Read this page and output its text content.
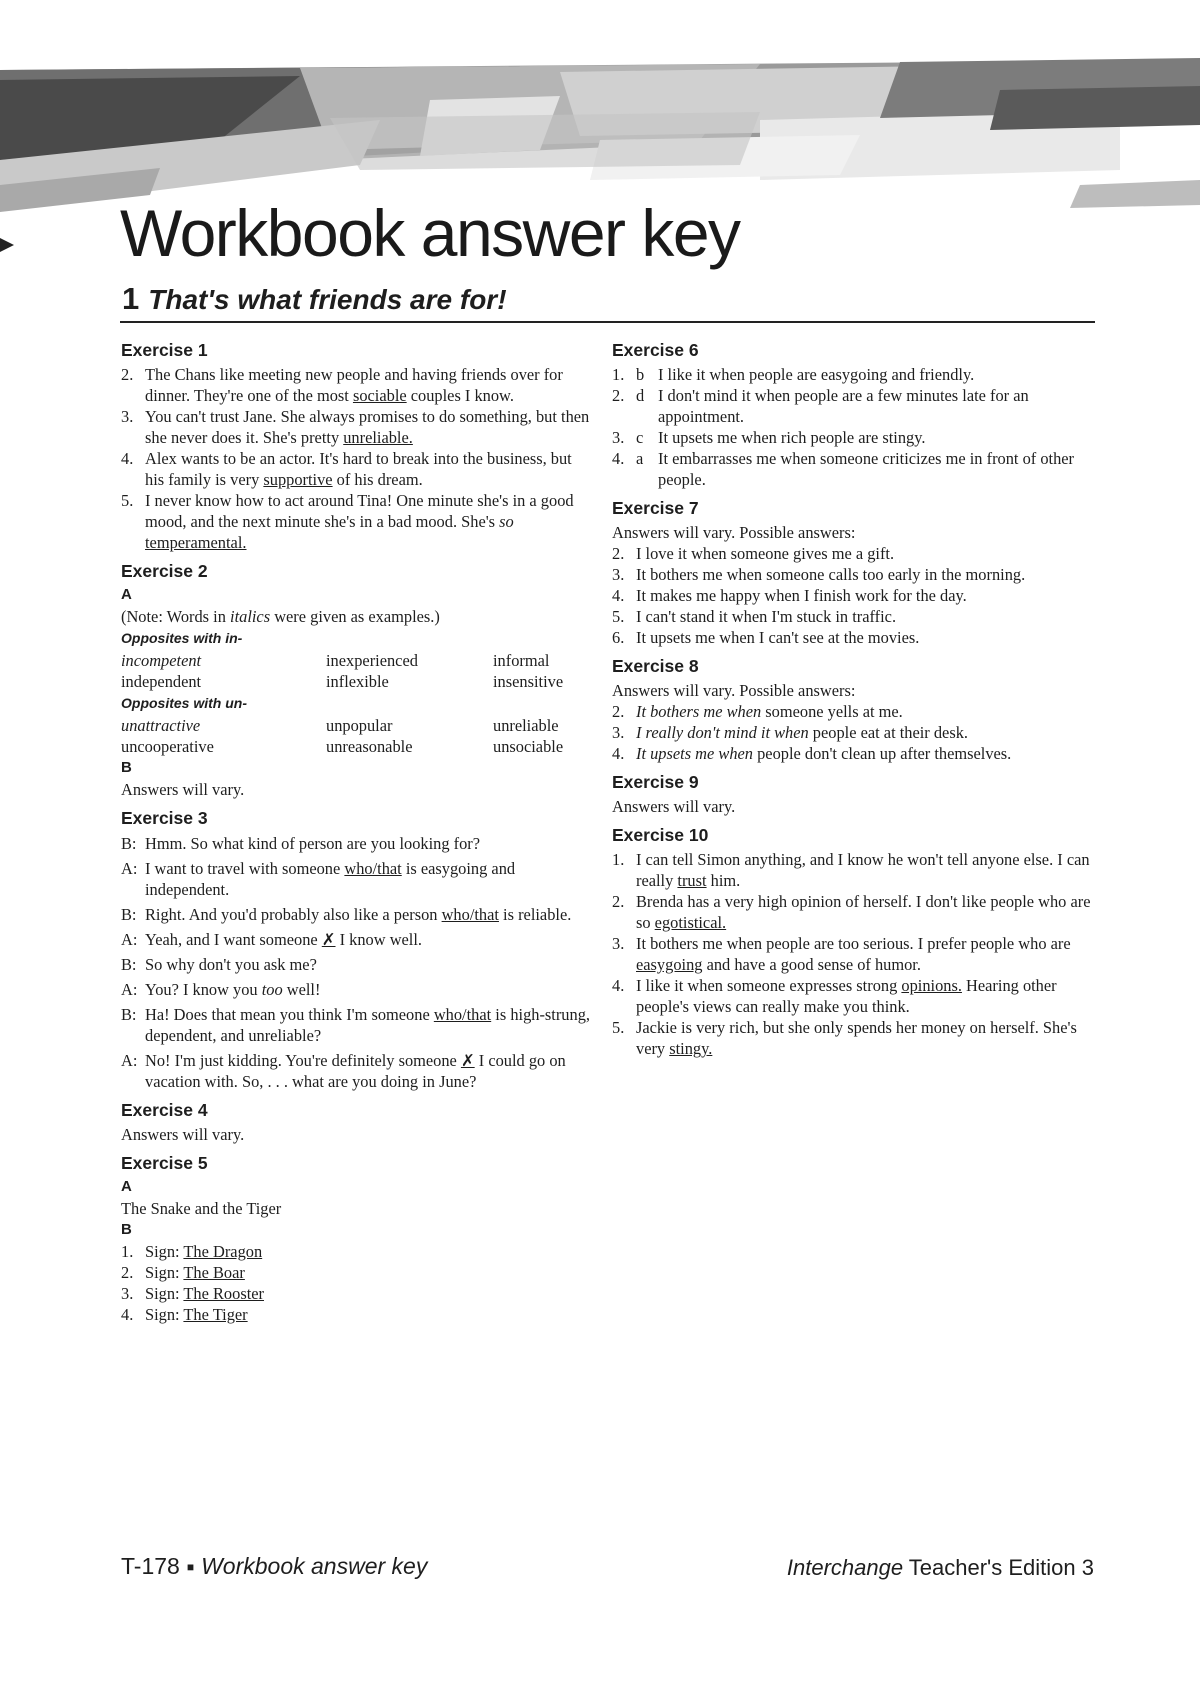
Workbook answer key
1 That's what friends are for!
Exercise 1
2. The Chans like meeting new people and having friends over for dinner. They're one of the most sociable couples I know.
3. You can't trust Jane. She always promises to do something, but then she never does it. She's pretty unreliable.
4. Alex wants to be an actor. It's hard to break into the business, but his family is very supportive of his dream.
5. I never know how to act around Tina! One minute she's in a good mood, and the next minute she's in a bad mood. She's so temperamental.
Exercise 2
A
(Note: Words in italics were given as examples.)
Opposites with in-
incompetent	inexperienced	informal
independent	inflexible	insensitive
Opposites with un-
unattractive	unpopular	unreliable
uncooperative	unreasonable	unsociable
B
Answers will vary.
Exercise 3
B: Hmm. So what kind of person are you looking for?
A: I want to travel with someone who/that is easygoing and independent.
B: Right. And you'd probably also like a person who/that is reliable.
A: Yeah, and I want someone ✗ I know well.
B: So why don't you ask me?
A: You? I know you too well!
B: Ha! Does that mean you think I'm someone who/that is high-strung, dependent, and unreliable?
A: No! I'm just kidding. You're definitely someone ✗ I could go on vacation with. So, . . . what are you doing in June?
Exercise 4
Answers will vary.
Exercise 5
A
The Snake and the Tiger
B
1. Sign: The Dragon
2. Sign: The Boar
3. Sign: The Rooster
4. Sign: The Tiger
Exercise 6
1. b I like it when people are easygoing and friendly.
2. d I don't mind it when people are a few minutes late for an appointment.
3. c It upsets me when rich people are stingy.
4. a It embarrasses me when someone criticizes me in front of other people.
Exercise 7
Answers will vary. Possible answers:
2. I love it when someone gives me a gift.
3. It bothers me when someone calls too early in the morning.
4. It makes me happy when I finish work for the day.
5. I can't stand it when I'm stuck in traffic.
6. It upsets me when I can't see at the movies.
Exercise 8
Answers will vary. Possible answers:
2. It bothers me when someone yells at me.
3. I really don't mind it when people eat at their desk.
4. It upsets me when people don't clean up after themselves.
Exercise 9
Answers will vary.
Exercise 10
1. I can tell Simon anything, and I know he won't tell anyone else. I can really trust him.
2. Brenda has a very high opinion of herself. I don't like people who are so egotistical.
3. It bothers me when people are too serious. I prefer people who are easygoing and have a good sense of humor.
4. I like it when someone expresses strong opinions. Hearing other people's views can really make you think.
5. Jackie is very rich, but she only spends her money on herself. She's very stingy.
T-178 ■ Workbook answer key	Interchange Teacher's Edition 3
